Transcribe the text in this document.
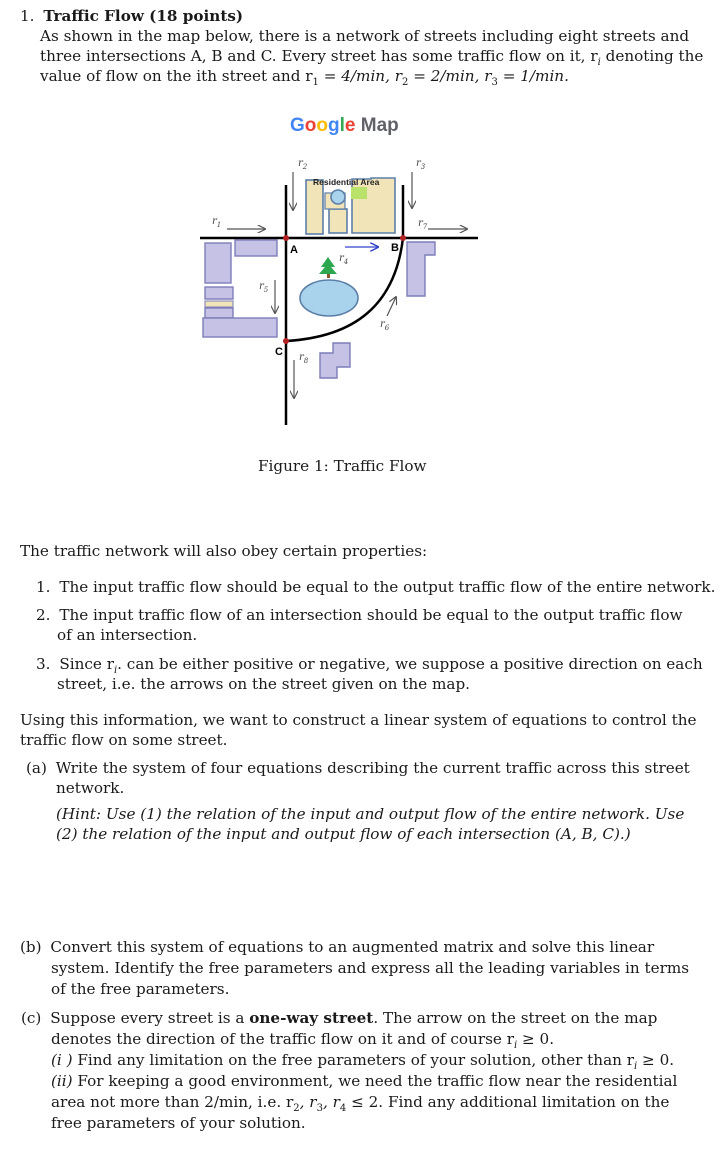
1. Traffic Flow (18 points)
As shown in the map below, there is a network of streets including eight streets and
three intersections A, B and C. Every street has some traffic flow on it, $r_i$ denoting the
value of flow on the ith street and $r_1 = 4/\min$, $r_2 = 2/\min$, $r_3 = 1/\min$.
Google Map
Residential Area
A	B
C
$r_1$
$r_2$	$r_3$
$r_4$
$r_5$
$r_6$
$r_7$
$r_8$
Figure 1: Traffic Flow
The traffic network will also obey certain properties:
1. The input traffic flow should be equal to the output traffic flow of the entire network.
2. The input traffic flow of an intersection should be equal to the output traffic flow
of an intersection.
3. Since $r_i$. can be either positive or negative, we suppose a positive direction on each
street, i.e. the arrows on the street given on the map.
Using this information, we want to construct a linear system of equations to control the
traffic flow on some street.
(a) Write the system of four equations describing the current traffic across this street
network.
(Hint: Use (1) the relation of the input and output flow of the entire network. Use
(2) the relation of the input and output flow of each intersection (A, B, C).)
(b) Convert this system of equations to an augmented matrix and solve this linear
system. Identify the free parameters and express all the leading variables in terms
of the free parameters.
(c) Suppose every street is a one-way street. The arrow on the street on the map
denotes the direction of the traffic flow on it and of course $r_i \ge 0$.
(i ) Find any limitation on the free parameters of your solution, other than $r_i \ge 0$.
(ii) For keeping a good environment, we need the traffic flow near the residential
area not more than 2/min, i.e. $r_2$, $r_3$, $r_4 \le 2$. Find any additional limitation on the
free parameters of your solution.
